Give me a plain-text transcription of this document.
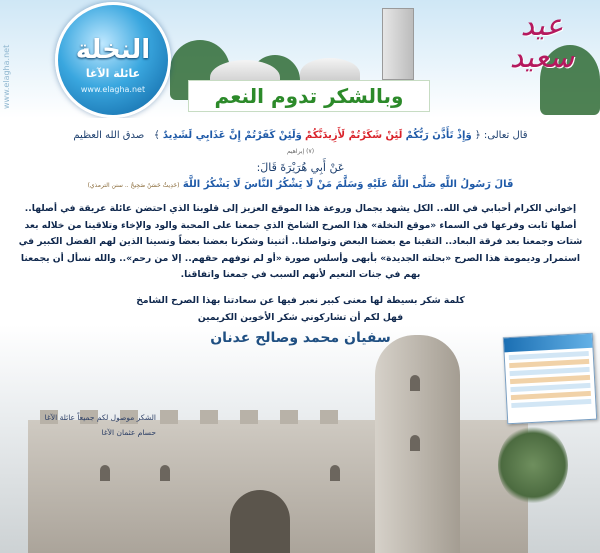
النخلة
عائلة الآغا
www.elagha.net
www.elagha.net
عيد
سعيد
وبالشكر تدوم النعم
قال تعالى: ﴿ وَإِذْ تَأَذَّنَ رَبُّكُمْ لَئِنْ شَكَرْتُمْ لَأَزِيدَنَّكُمْ وَلَئِنْ كَفَرْتُمْ إِنَّ عَذَابِي لَشَدِيدٌ ﴾   صدق الله العظيم
(٧) إبراهيم
عَنْ أَبِي هُرَيْرَةَ قَالَ:
قَالَ رَسُولُ اللَّهِ صَلَّى اللَّهُ عَلَيْهِ وَسَلَّمَ مَنْ لَا يَشْكُرُ النَّاسَ لَا يَشْكُرُ اللَّهَ (حَدِيثٌ حَسَنٌ صَحِيحٌ .. سنن الترمذي)
إخواني الكرام أحبابي في الله.. الكل يشهد بجمال وروعة هذا الموقع العزيز إلى قلوبنا الذي احتضن عائلة عريقة في أصلها.. أصلها ثابت وفرعها في السماء «موقع النخلة» هذا الصرح الشامخ الذي جمعنا على المحبة والود والإخاء وتلاقينا من خلاله بعد شتات وجمعنا بعد فرقة البعاد.. التقينا مع بعضنا البعض وتواصلنا.. أثنينا وشكرنا بعضنا بعضاً ونسينا الذين لهم الفضل الكبير في استمرار وديمومة هذا الصرح «بحلته الجديدة» بأبهى وأسلس صورة «أو لم نوفهم حقهم.. إلا من رحم».. والله نسأل أن يجمعنا بهم في جنات النعيم لأنهم السبب في جمعنا واتفاقنا.
كلمة شكر بسيطة لها معنى كبير نعبر فيها عن سعادتنا بهذا الصرح الشامخ
فهل لكم أن تشاركوني شكر الأخوين الكريمين
سفيان محمد وصالح عدنان
الشكر موصول لكم جميعاً عائلة الآغا
حسام عثمان الآغا
